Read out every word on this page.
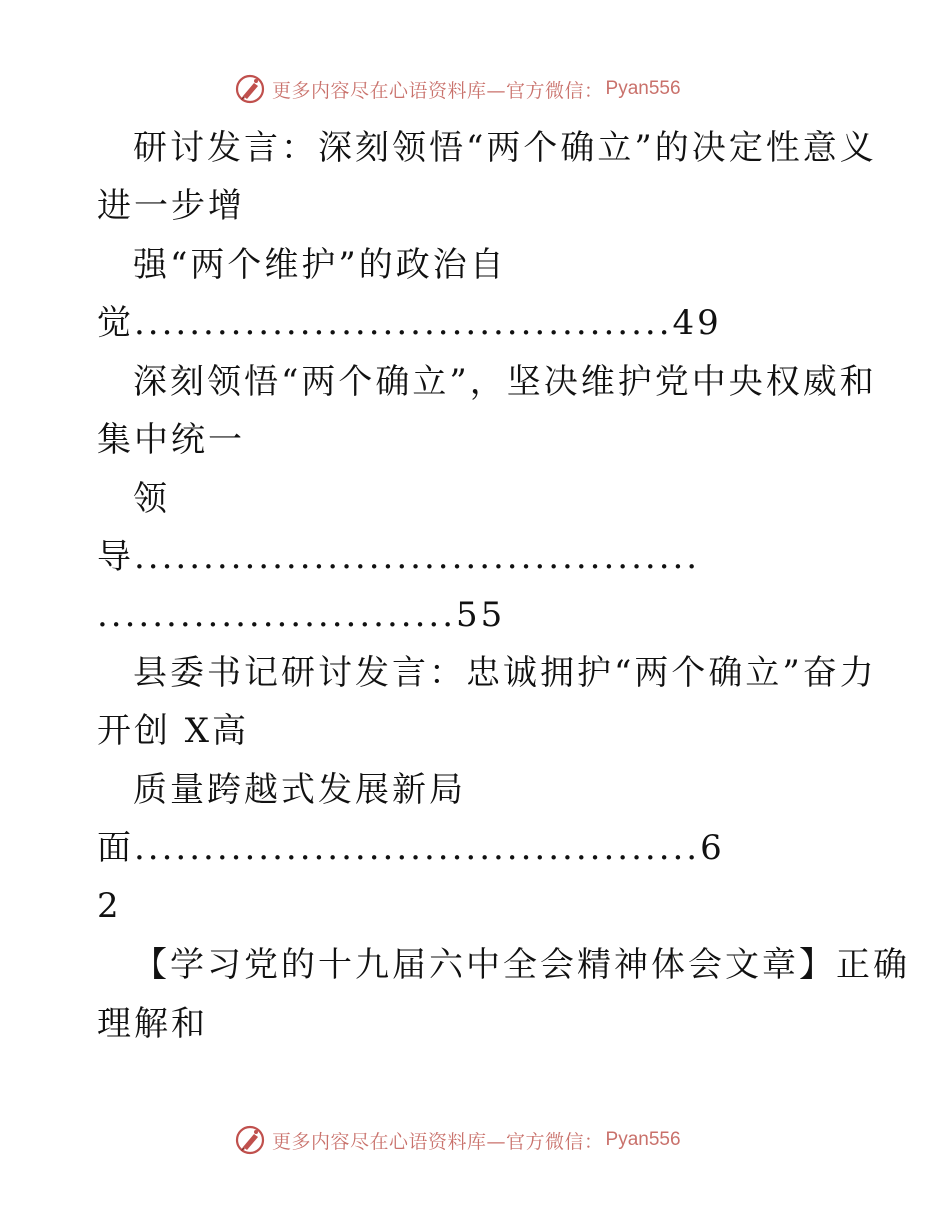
更多内容尽在心语资料库—官方微信： Pyan556
研讨发言：深刻领悟“两个确立”的决定性意义
进一步增
强“两个维护”的政治自
觉.......................................49
深刻领悟“两个确立”，坚决维护党中央权威和
集中统一
领
导.........................................
..........................55
县委书记研讨发言：忠诚拥护“两个确立”奋力
开创 X高
质量跨越式发展新局
面.........................................6
2
【学习党的十九届六中全会精神体会文章】正确
理解和
更多内容尽在心语资料库—官方微信： Pyan556
